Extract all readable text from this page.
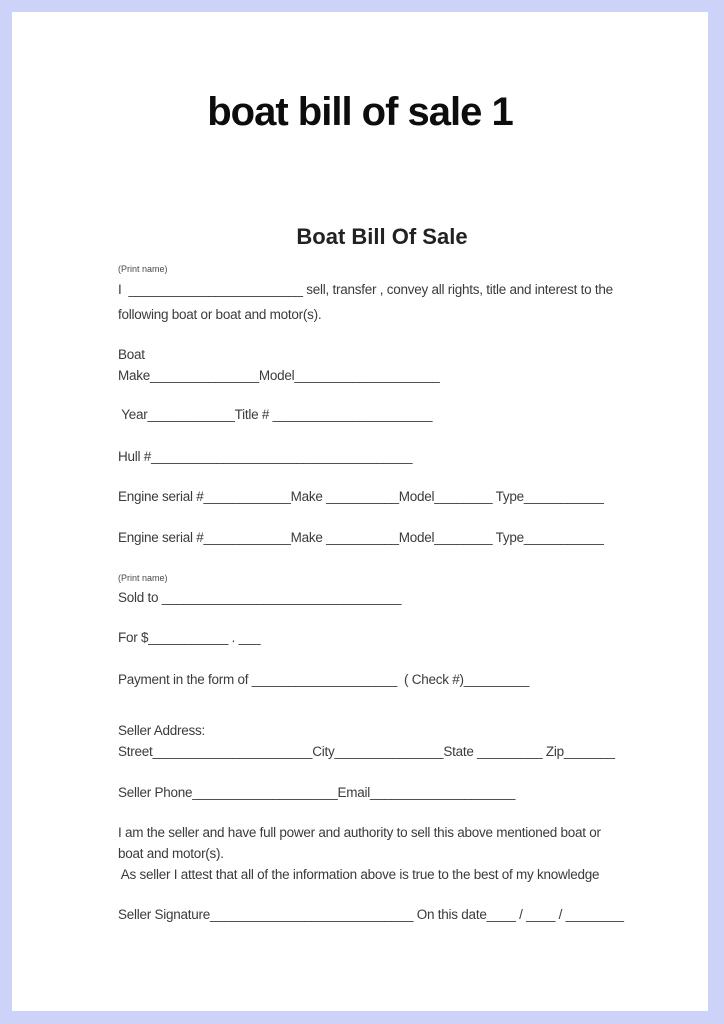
boat bill of sale 1
Boat Bill Of Sale
(Print name)
I  ________________________ sell, transfer , convey all rights, title and interest to the
following boat or boat and motor(s).
Boat
Make_______________Model____________________
Year____________Title # ______________________
Hull #____________________________________
Engine serial #____________Make __________Model________ Type___________
Engine serial #____________Make __________Model________ Type___________
(Print name)
Sold to _________________________________
For $___________ . ___
Payment in the form of ____________________  ( Check #)_________
Seller Address:
Street______________________City_______________State _________ Zip_______
Seller Phone____________________Email____________________
I am the seller and have full power and authority to sell this above mentioned boat or
boat and motor(s).
As seller I attest that all of the information above is true to the best of my knowledge
Seller Signature____________________________ On this date____ / ____ / ________
